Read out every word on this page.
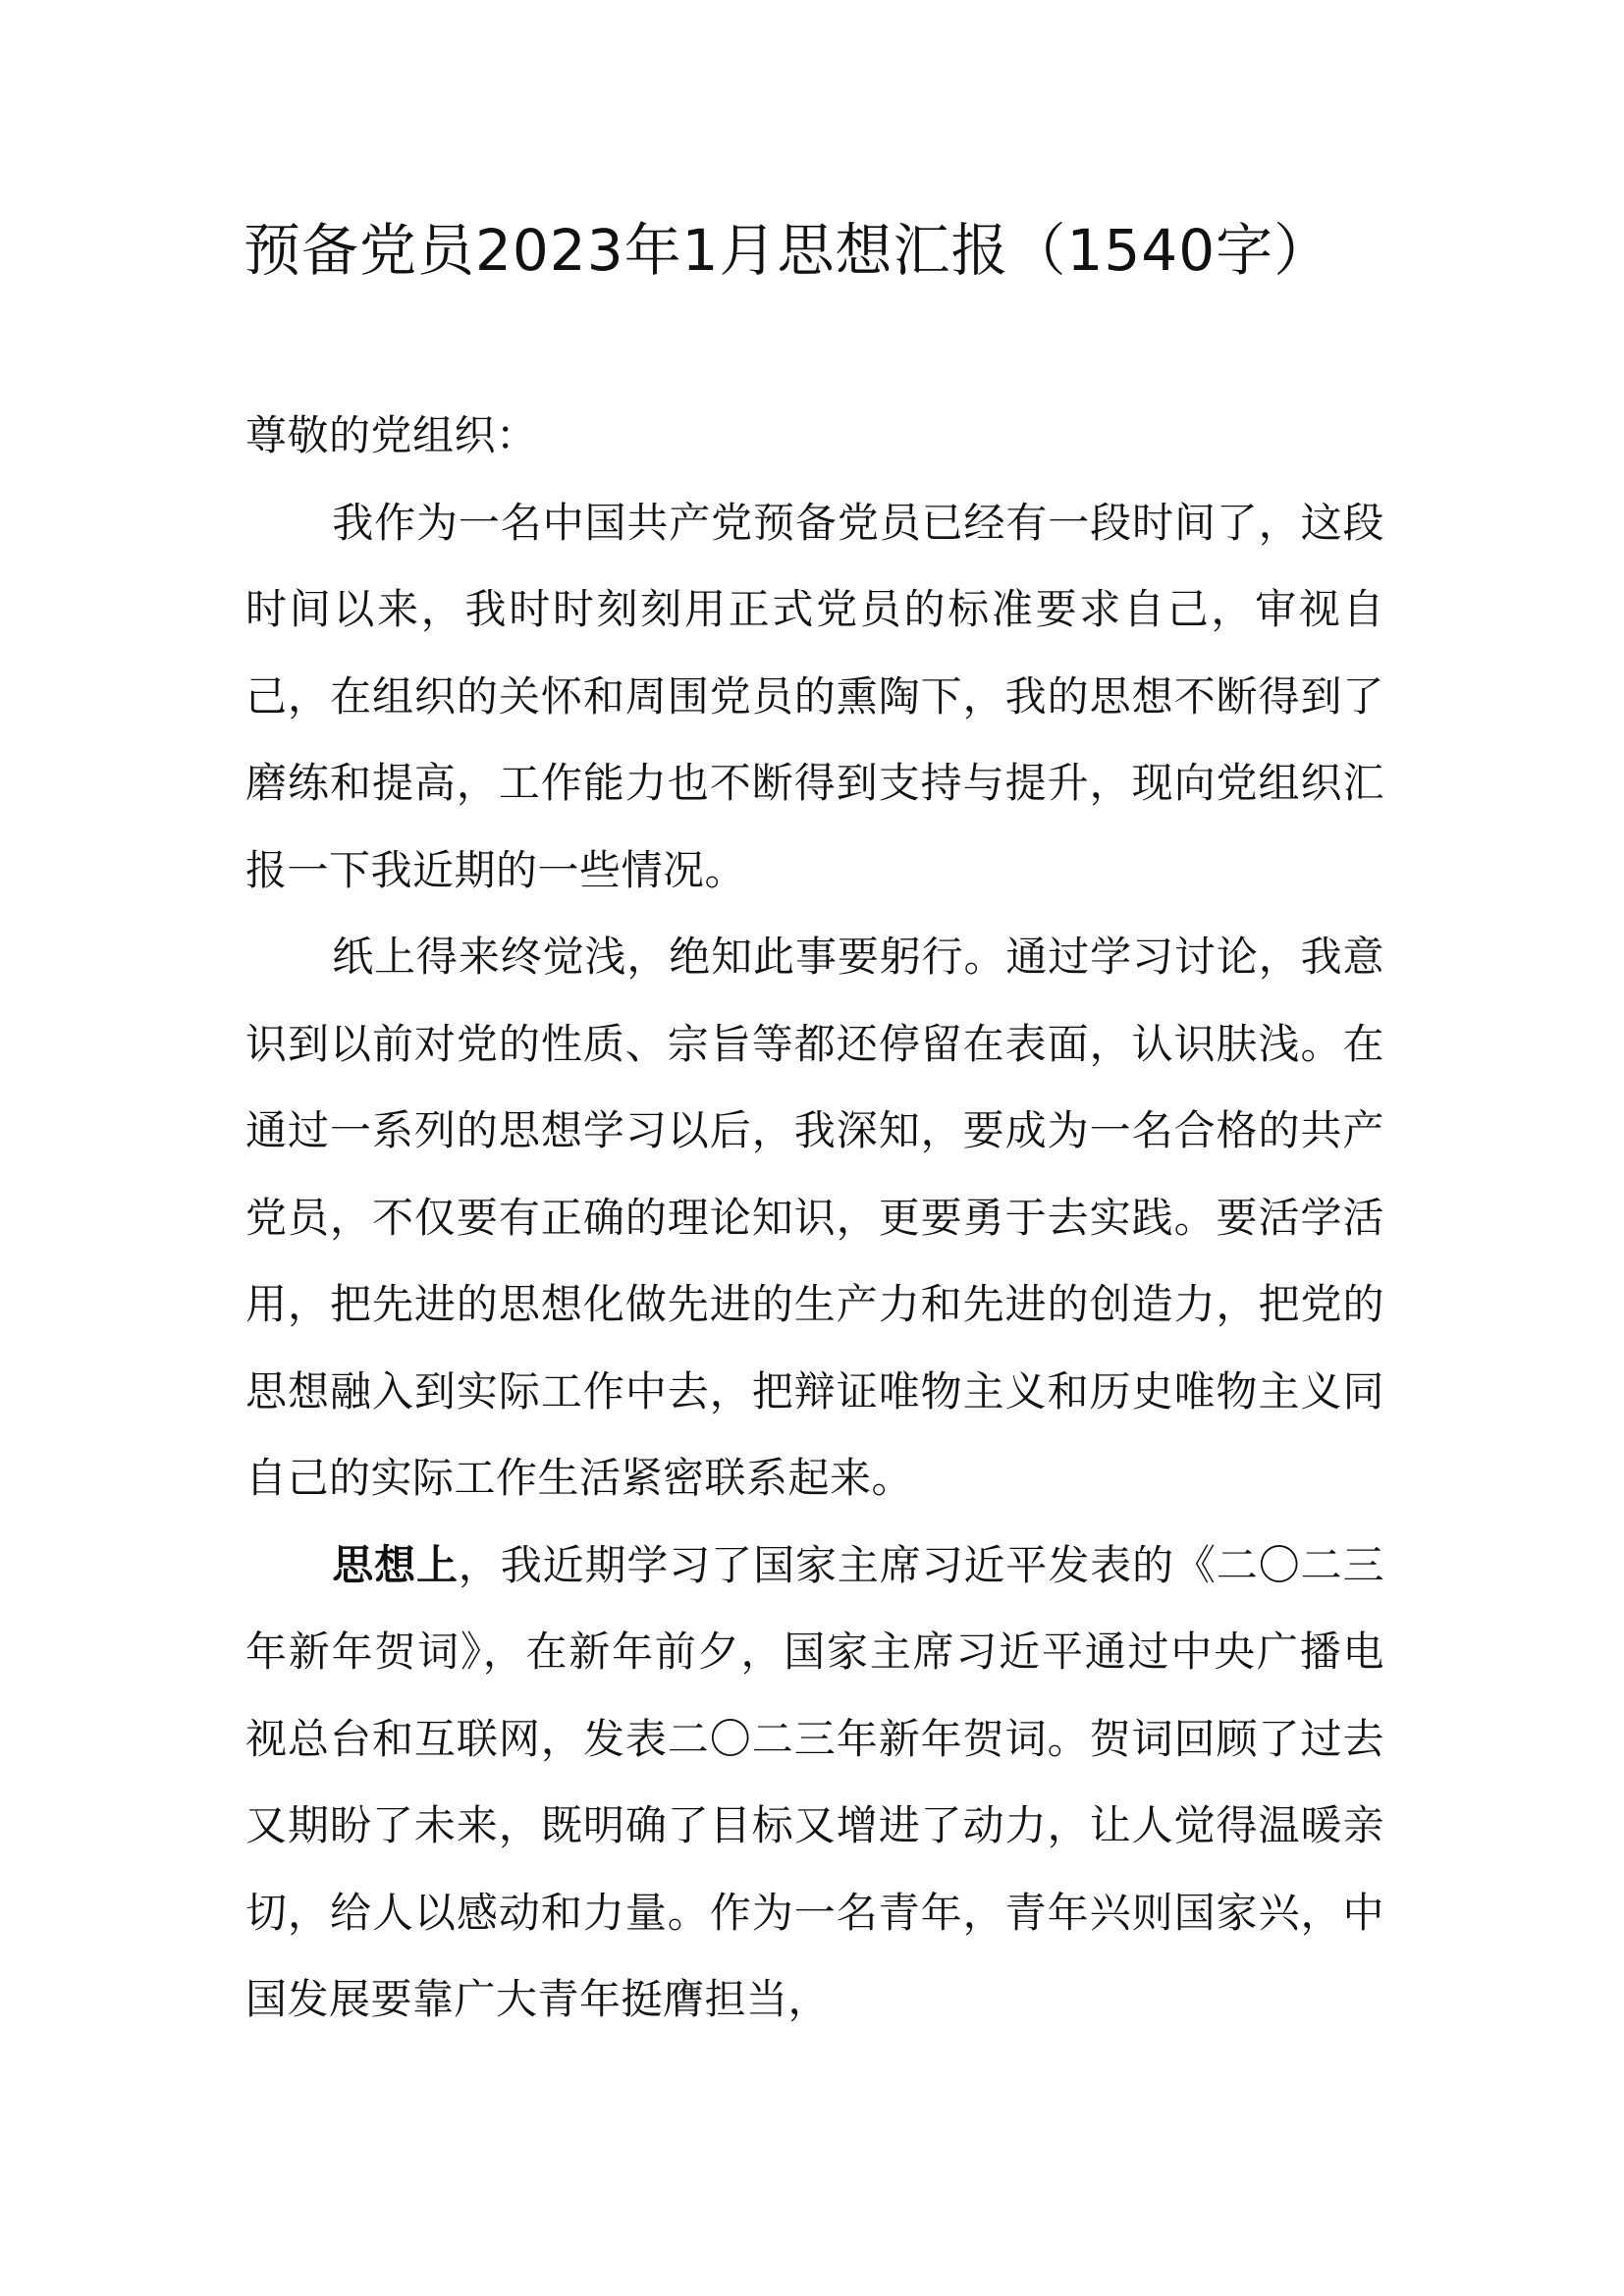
预备党员2023年1月思想汇报（1540字）

尊敬的党组织：

我作为一名中国共产党预备党员已经有一段时间了，这段时间以来，我时时刻刻用正式党员的标准要求自己，审视自己，在组织的关怀和周围党员的熏陶下，我的思想不断得到了磨练和提高，工作能力也不断得到支持与提升，现向党组织汇报一下我近期的一些情况。

纸上得来终觉浅，绝知此事要躬行。通过学习讨论，我意识到以前对党的性质、宗旨等都还停留在表面，认识肤浅。在通过一系列的思想学习以后，我深知，要成为一名合格的共产党员，不仅要有正确的理论知识，更要勇于去实践。要活学活用，把先进的思想化做先进的生产力和先进的创造力，把党的思想融入到实际工作中去，把辩证唯物主义和历史唯物主义同自己的实际工作生活紧密联系起来。

思想上，我近期学习了国家主席习近平发表的《二〇二三年新年贺词》，在新年前夕，国家主席习近平通过中央广播电视总台和互联网，发表二〇二三年新年贺词。贺词回顾了过去又期盼了未来，既明确了目标又增进了动力，让人觉得温暖亲切，给人以感动和力量。作为一名青年，青年兴则国家兴，中国发展要靠广大青年挺膺担当，
